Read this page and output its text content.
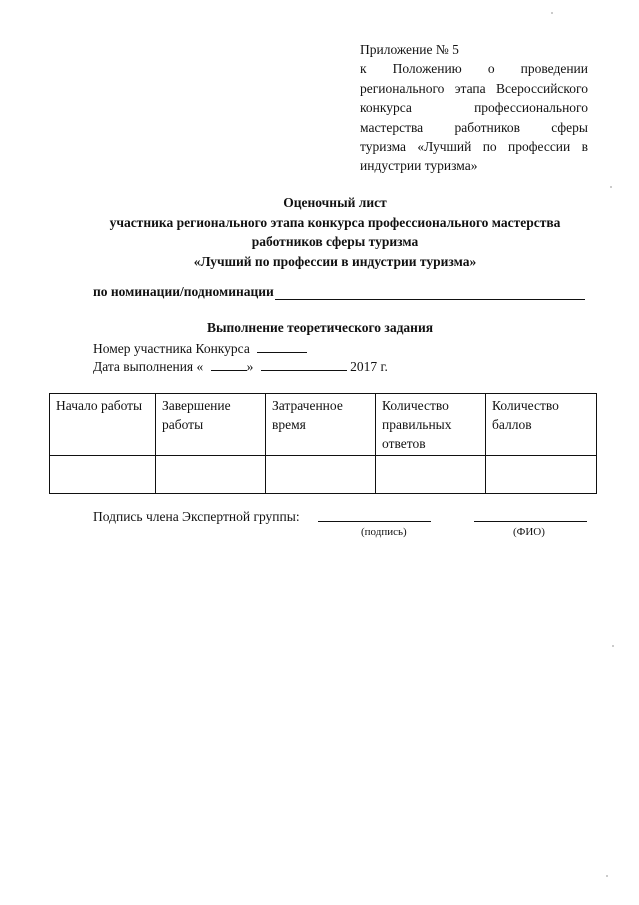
Приложение № 5
к Положению о проведении
регионального этапа Всероссийского
конкурса профессионального
мастерства работников сферы
туризма «Лучший по профессии в
индустрии туризма»
Оценочный лист
участника регионального этапа конкурса профессионального мастерства
работников сферы туризма
«Лучший по профессии в индустрии туризма»
по номинации/подноминации
Выполнение теоретического задания
Номер участника Конкурса
Дата выполнения «	»	2017 г.
Начало работы	Завершение работы	Затраченное время	Количество правильных ответов	Количество баллов

Подпись члена Экспертной группы:
(подпись)	(ФИО)
